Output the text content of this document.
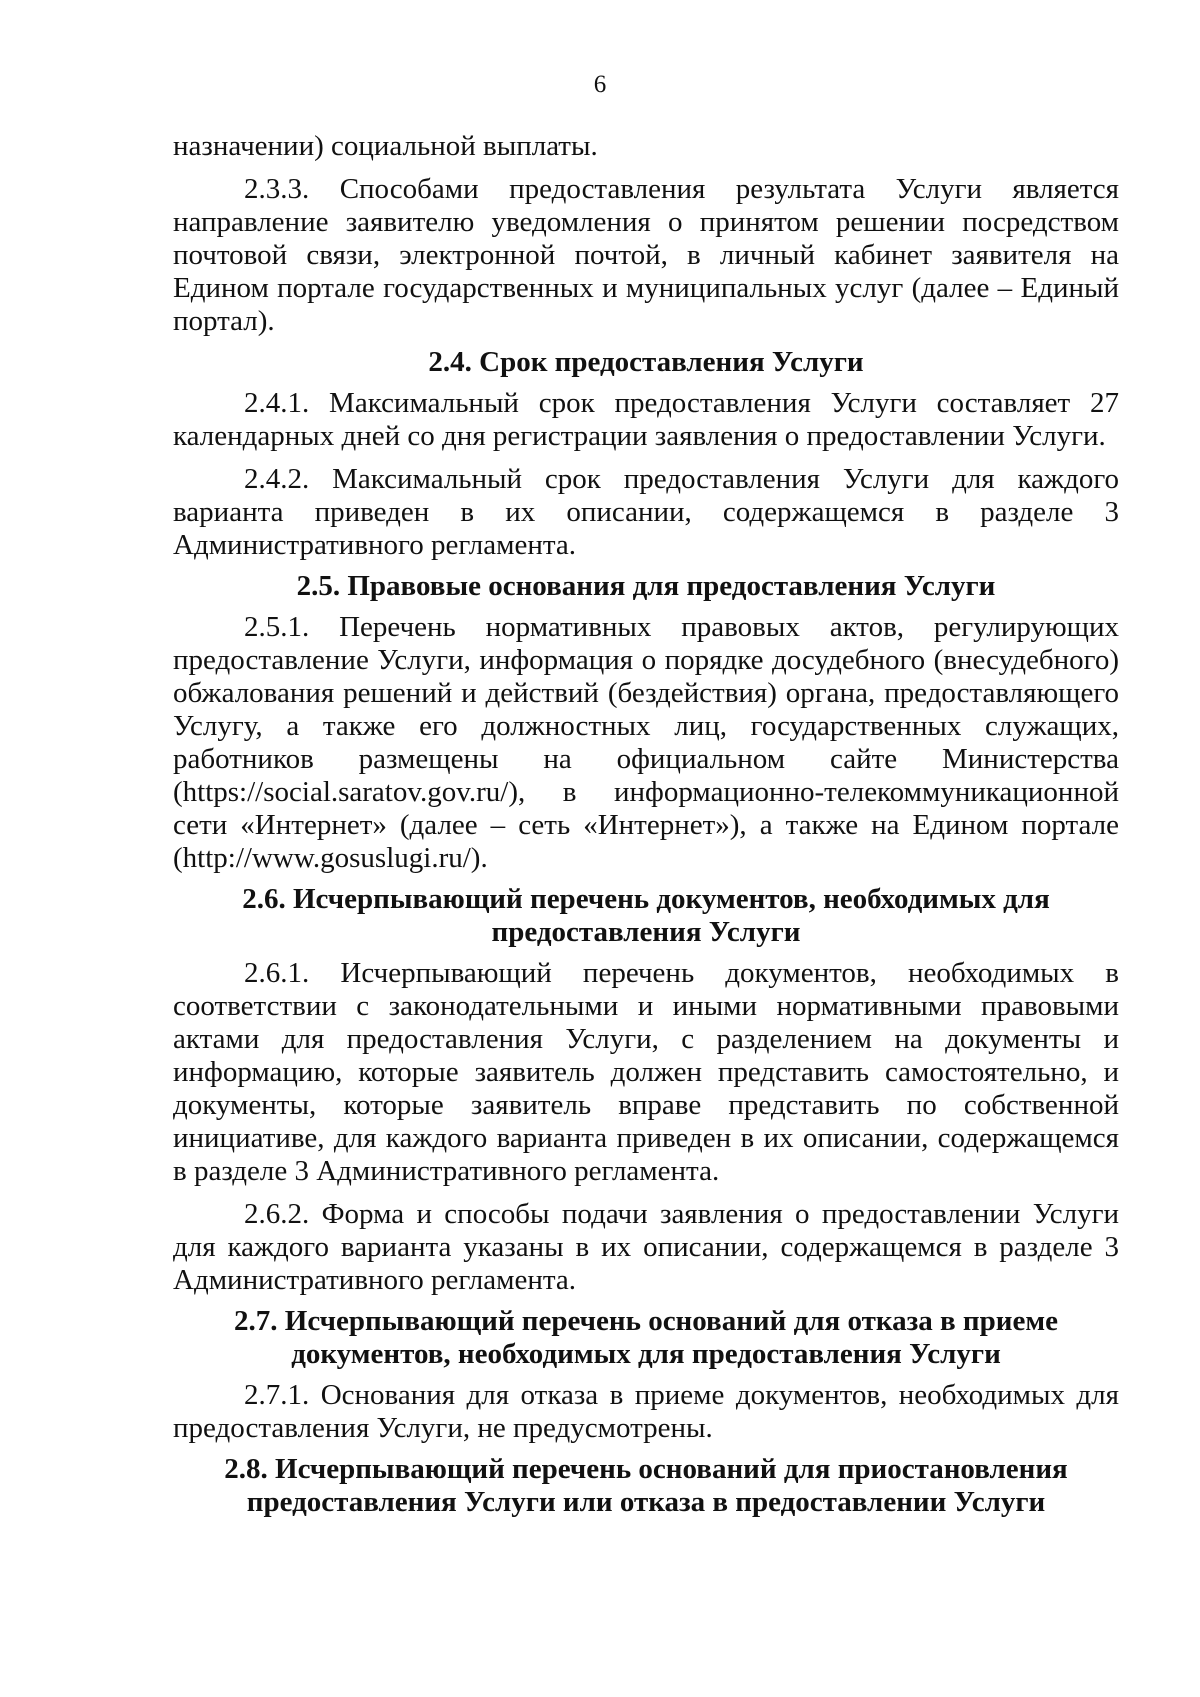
6

назначении) социальной выплаты.

2.3.3. Способами предоставления результата Услуги является направление заявителю уведомления о принятом решении посредством почтовой связи, электронной почтой, в личный кабинет заявителя на Едином портале государственных и муниципальных услуг (далее – Единый портал).

2.4. Срок предоставления Услуги

2.4.1. Максимальный срок предоставления Услуги составляет 27 календарных дней со дня регистрации заявления о предоставлении Услуги.

2.4.2. Максимальный срок предоставления Услуги для каждого варианта приведен в их описании, содержащемся в разделе 3 Административного регламента.

2.5. Правовые основания для предоставления Услуги

2.5.1. Перечень нормативных правовых актов, регулирующих предоставление Услуги, информация о порядке досудебного (внесудебного) обжалования решений и действий (бездействия) органа, предоставляющего Услугу, а также его должностных лиц, государственных служащих, работников размещены на официальном сайте Министерства (https://social.saratov.gov.ru/), в информационно-телекоммуникационной сети «Интернет» (далее – сеть «Интернет»), а также на Едином портале (http://www.gosuslugi.ru/).

2.6. Исчерпывающий перечень документов, необходимых для
предоставления Услуги

2.6.1. Исчерпывающий перечень документов, необходимых в соответствии с законодательными и иными нормативными правовыми актами для предоставления Услуги, с разделением на документы и информацию, которые заявитель должен представить самостоятельно, и документы, которые заявитель вправе представить по собственной инициативе, для каждого варианта приведен в их описании, содержащемся в разделе 3 Административного регламента.

2.6.2. Форма и способы подачи заявления о предоставлении Услуги для каждого варианта указаны в их описании, содержащемся в разделе 3 Административного регламента.

2.7. Исчерпывающий перечень оснований для отказа в приеме
документов, необходимых для предоставления Услуги

2.7.1. Основания для отказа в приеме документов, необходимых для предоставления Услуги, не предусмотрены.

2.8. Исчерпывающий перечень оснований для приостановления
предоставления Услуги или отказа в предоставлении Услуги
